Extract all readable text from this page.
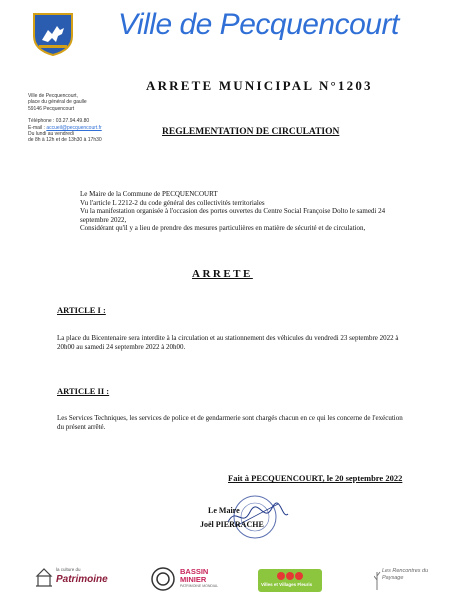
Ville de Pecquencourt
ARRETE MUNICIPAL N°1203
Ville de Pecquencourt,
place du général de gaulle
59146 Pecquencourt
Téléphone : 03.27.94.49.80
E-mail : accueil@pecquencourt.fr
Du lundi au vendredi
de 8h à 12h et de 13h30 à 17h30
REGLEMENTATION DE CIRCULATION
Le Maire de la Commune de PECQUENCOURT
Vu l'article L 2212-2 du code général des collectivités territoriales
Vu la manifestation organisée à l'occasion des portes ouvertes du Centre Social Françoise Dolto le samedi 24 septembre 2022,
Considérant qu'il y a lieu de prendre des mesures particulières en matière de sécurité et de circulation,
ARRETE
ARTICLE I :
La place du Bicentenaire sera interdite à la circulation et au stationnement des véhicules du vendredi 23 septembre 2022 à 20h00 au samedi 24 septembre 2022 à 20h00.
ARTICLE II :
Les Services Techniques, les services de police et de gendarmerie sont chargés chacun en ce qui les concerne de l'exécution du présent arrêté.
Fait à PECQUENCOURT, le 20 septembre 2022
Le Maire
Joël PIERRACHE
la culture du
Patrimoine
BASSIN MINIER
PATRIMOINE MONDIAL	Villes et Villages Fleuris
Les Rencontres du Paysage
